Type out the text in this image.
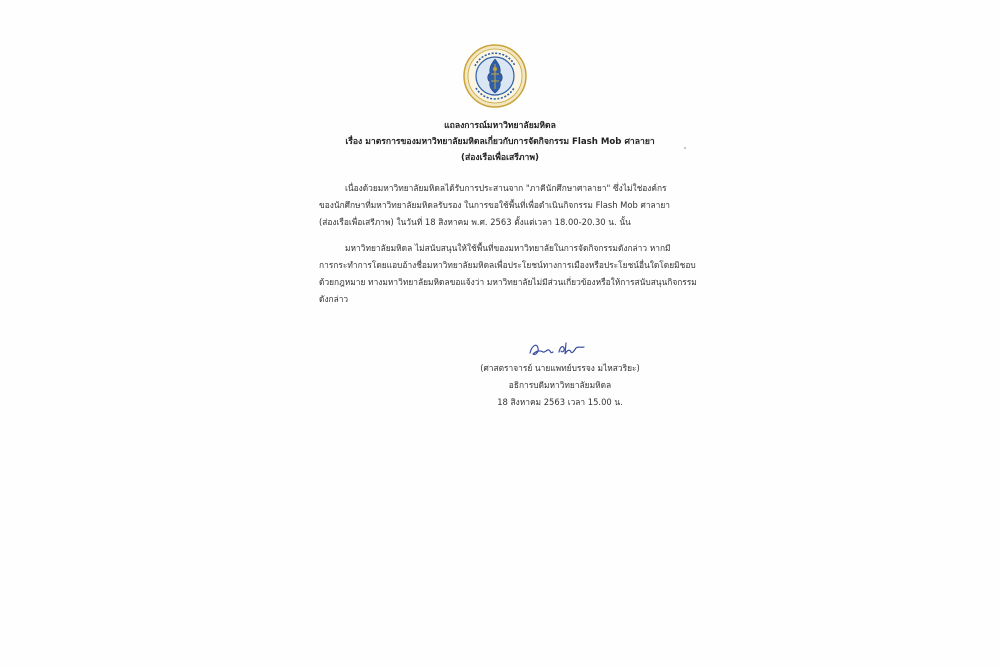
แถลงการณ์มหาวิทยาลัยมหิดล
เรื่อง มาตรการของมหาวิทยาลัยมหิดลเกี่ยวกับการจัดกิจกรรม Flash Mob ศาลายา
(ส่องเรือเพื่อเสรีภาพ)
เนื่องด้วยมหาวิทยาลัยมหิดลได้รับการประสานจาก "ภาคีนักศึกษาศาลายา" ซึ่งไม่ใช่องค์กร
ของนักศึกษาที่มหาวิทยาลัยมหิดลรับรอง ในการขอใช้พื้นที่เพื่อดำเนินกิจกรรม Flash Mob ศาลายา
(ส่องเรือเพื่อเสรีภาพ) ในวันที่ 18 สิงหาคม พ.ศ. 2563 ตั้งแต่เวลา 18.00-20.30 น. นั้น
มหาวิทยาลัยมหิดล ไม่สนับสนุนให้ใช้พื้นที่ของมหาวิทยาลัยในการจัดกิจกรรมดังกล่าว หากมี
การกระทำการโดยแอบอ้างชื่อมหาวิทยาลัยมหิดลเพื่อประโยชน์ทางการเมืองหรือประโยชน์อื่นใดโดยมิชอบ
ด้วยกฎหมาย ทางมหาวิทยาลัยมหิดลขอแจ้งว่า มหาวิทยาลัยไม่มีส่วนเกี่ยวข้องหรือให้การสนับสนุนกิจกรรม
ดังกล่าว
(ศาสตราจารย์ นายแพทย์บรรจง มไหสวริยะ)
อธิการบดีมหาวิทยาลัยมหิดล
18 สิงหาคม 2563 เวลา 15.00 น.
